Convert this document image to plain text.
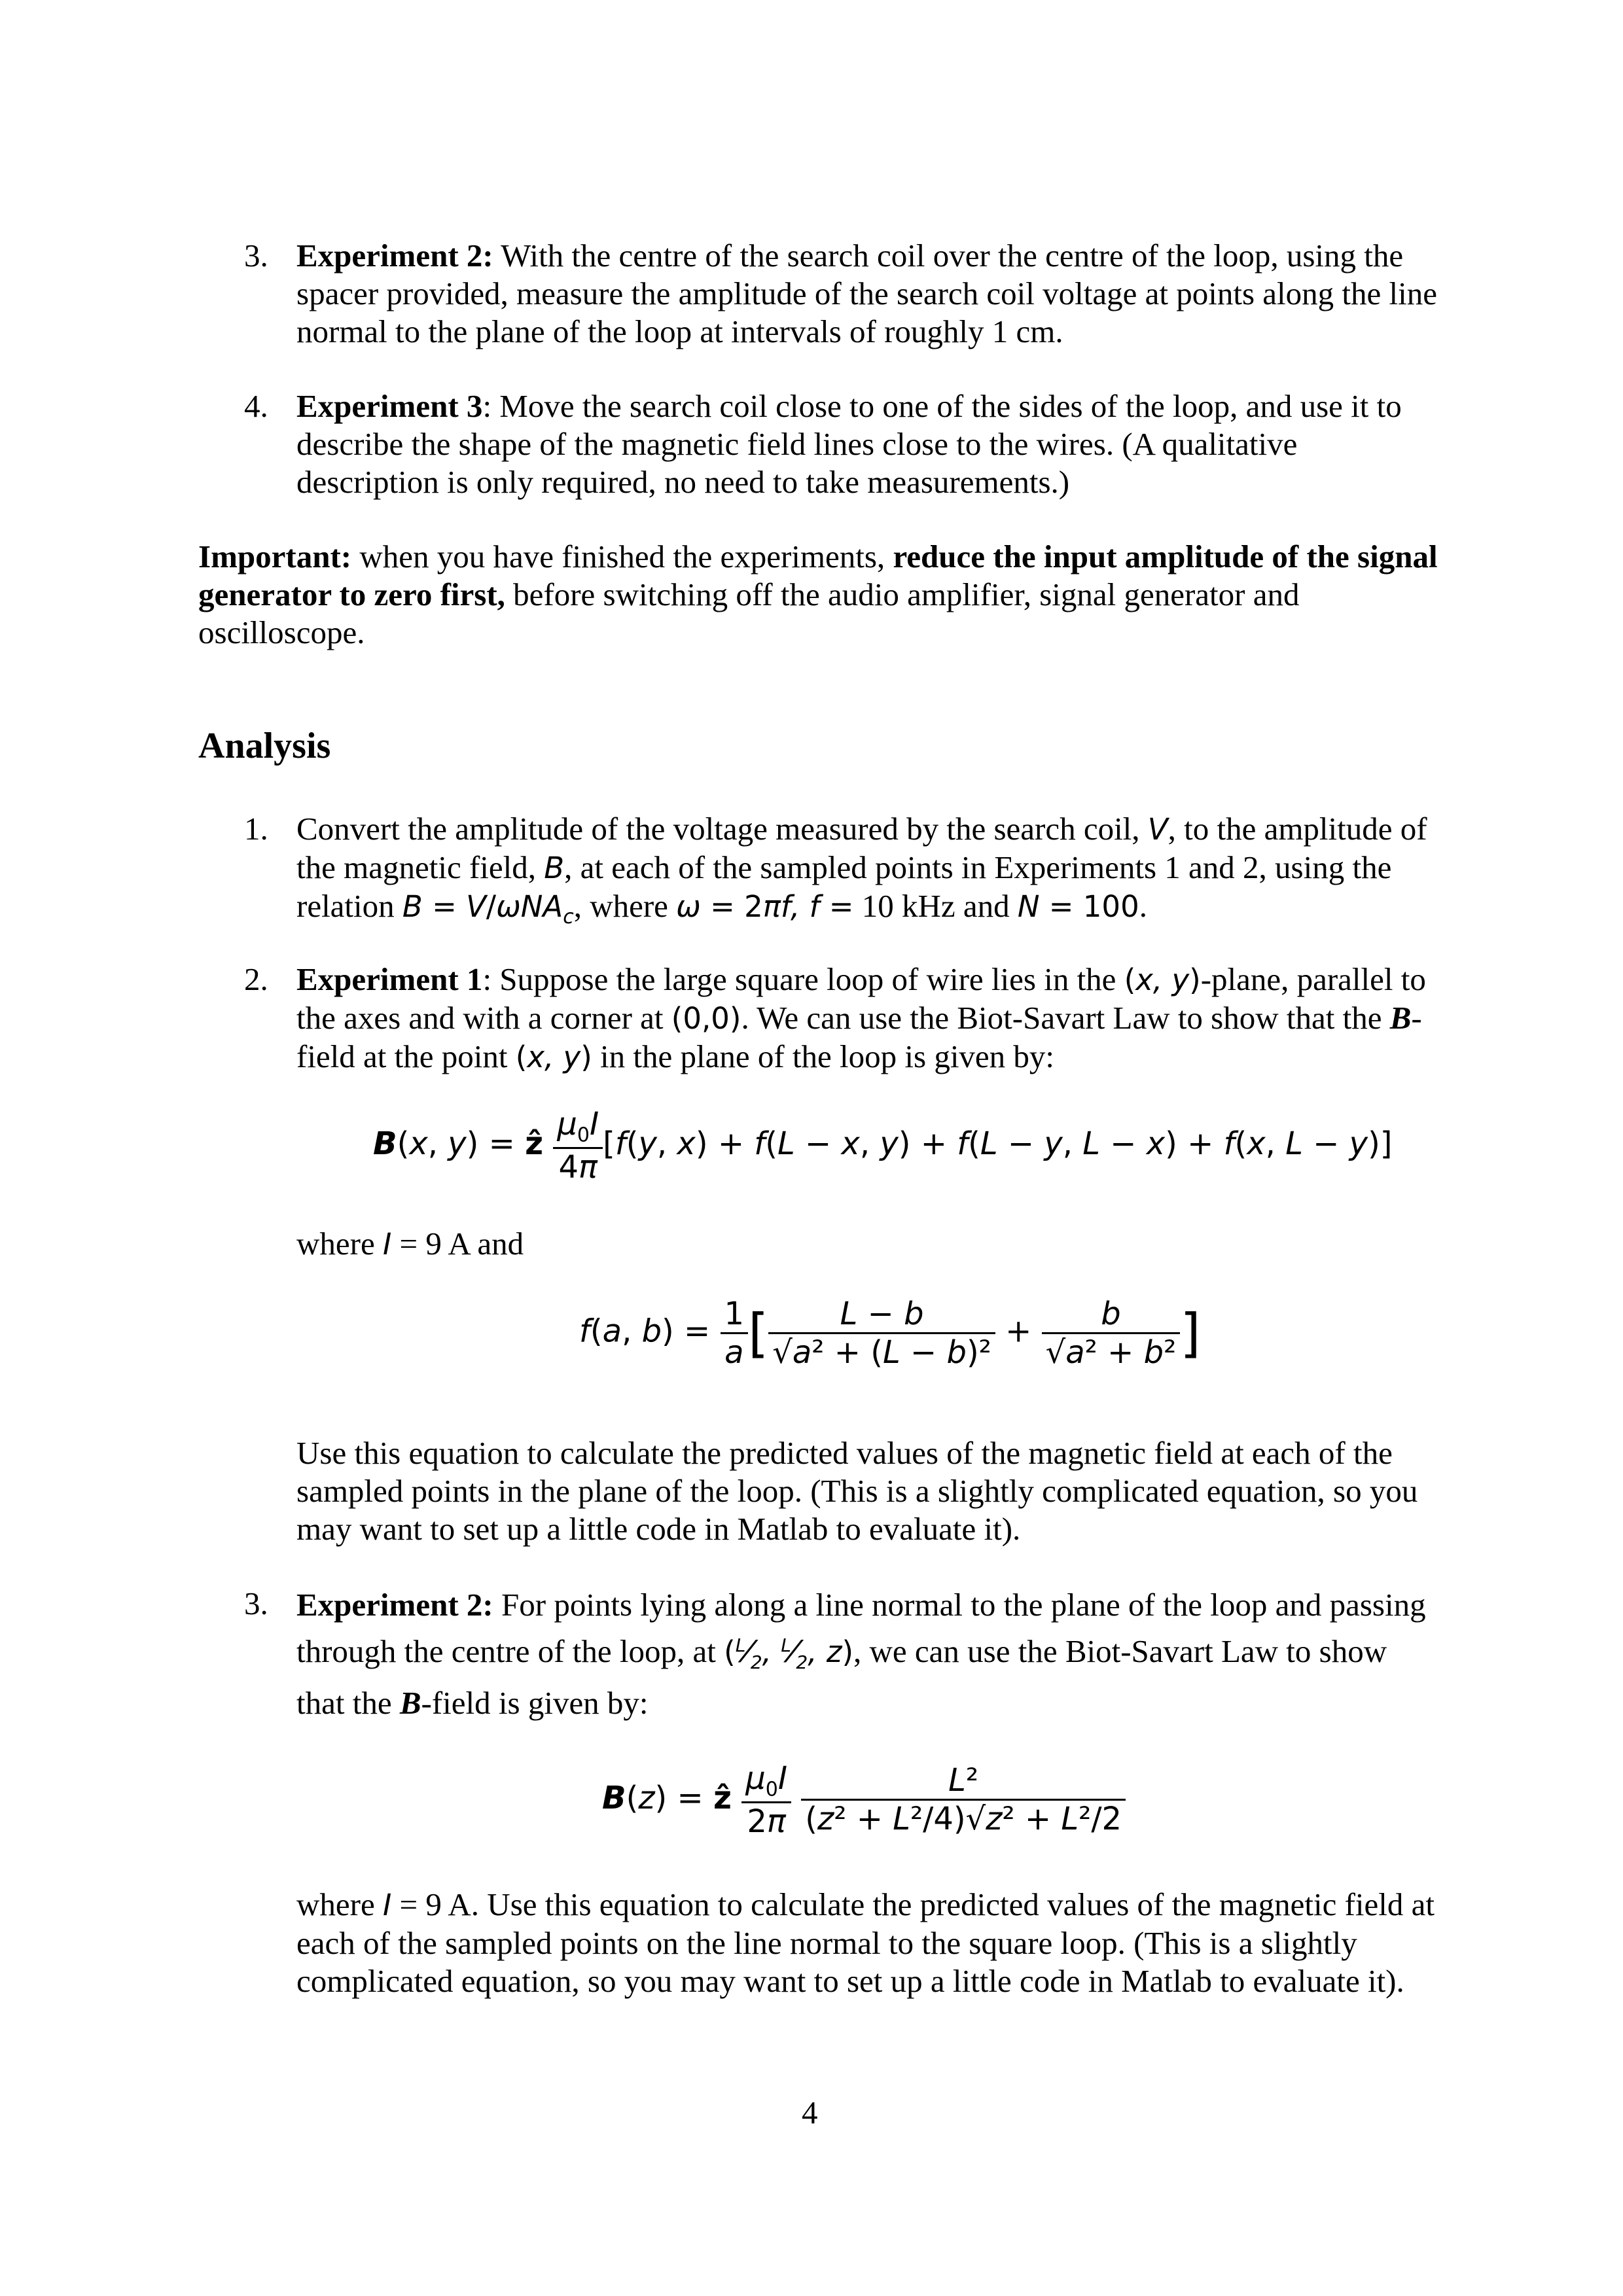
3. Experiment 2: With the centre of the search coil over the centre of the loop, using the spacer provided, measure the amplitude of the search coil voltage at points along the line normal to the plane of the loop at intervals of roughly 1 cm.
4. Experiment 3: Move the search coil close to one of the sides of the loop, and use it to describe the shape of the magnetic field lines close to the wires. (A qualitative description is only required, no need to take measurements.)
Important: when you have finished the experiments, reduce the input amplitude of the signal generator to zero first, before switching off the audio amplifier, signal generator and oscilloscope.
Analysis
1. Convert the amplitude of the voltage measured by the search coil, V, to the amplitude of the magnetic field, B, at each of the sampled points in Experiments 1 and 2, using the relation B = V/ωNA$_c$, where ω = 2πf, f = 10 kHz and N = 100.
2. Experiment 1: Suppose the large square loop of wire lies in the (x, y)-plane, parallel to the axes and with a corner at (0,0). We can use the Biot-Savart Law to show that the B-field at the point (x, y) in the plane of the loop is given by:
B(x, y) = ẑ $\frac{\mu_0I}{4\pi} [f(y$, x) + f(L − x, y) + f(L − y, L − x) + f(x, L − y)]
where I = 9 A and
f(a, $b) = \frac{1}{a}$ [ $\frac{L - b}{\text{√a² + (L − b)²}} + \frac{b}{\text{√a² + b²}}$ ]
Use this equation to calculate the predicted values of the magnetic field at each of the sampled points in the plane of the loop. (This is a slightly complicated equation, so you may want to set up a little code in Matlab to evaluate it).
3. Experiment 2: For points lying along a line normal to the plane of the loop and passing through the centre of the loop, at ($^L⁄_2$, $^L⁄_2$, z), we can use the Biot-Savart Law to show that the B-field is given by:
B(z) = ẑ $\frac{\mu_0I}{2\pi}$
$\frac{\text{L²}}{\text{(z² + L²/4)√z² + L²/2}}$
where I = 9 A. Use this equation to calculate the predicted values of the magnetic field at each of the sampled points on the line normal to the square loop. (This is a slightly complicated equation, so you may want to set up a little code in Matlab to evaluate it).
4
